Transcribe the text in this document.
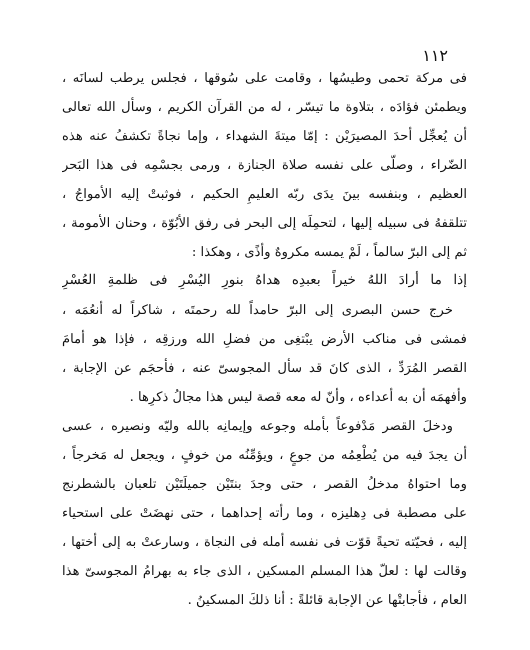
١١٢
فى مركة تحمى وطيسُها ، وقامت على سُوقها ، فجلس يرطب لسانَه ،
ويطمئن فؤادَه ، بتلاوة ما تيسّر ، له من القرآن الكريم ، وسأل الله تعالى
أن يُعجِّل أحدَ المصيرَيْن : إمّا ميتةَ الشهداء ، وإما نجاةً تكشفُ عنه هذه
الضّراء ، وصلّى على نفسه صلاة الجنازة ، ورمى بجسْمِه فى هذا البَحر
العظيم ، وبنفسه بينَ يدَى ربّه العليمِ الحكيم ، فوثبتْ إليه الأمواجُ ،
تتلقفهُ فى سبيله إليها ، لتحمِلَه إلى البحر فى رفق الأبُوّة ، وحنان الأمومة ،
ثم إلى البرّ سالماً ، لَمْ يمسه مكروهٌ وأذًى ، وهكذا :
إذا ما أرادَ اللهُ خيراً بعبدِه هداهُ بنورِ اليُسْرِ فى ظلمةِ العُسْرِ
خرج حسن البصرى إلى البرّ حامداً لله رحمتَه ، شاكراً له أنعُمَه ،
فمشى فى مناكب الأرض يبْتغِى من فضلِ الله ورزقِه ، فإذا هو أمامَ
القصر المُرَدِّ ، الذى كانَ قد سأل المجوسىّ عنه ، فأحجَم عن الإجابة ،
وأفهمَه أن به أعداءه ، وأنّ له معه قصة ليس هذا مجالُ ذكرِها .
ودخلَ القصر مَدْفوعاً بأمله وجوعه وإيمانِه بالله وليّه ونصيره ، عسى
أن يجدَ فيه من يُطْعِمُه من جوعٍ ، ويؤمِّنُه من خوفٍ ، ويجعل له مَخرجاً ،
وما احتواهُ مدخلُ القصر ، حتى وجدَ بنتَيْن جميلَتَيْن تلعبان بالشطرنج
على مصطبة فى دِهليزه ، وما رأته إحداهما ، حتى نهضَتْ على استحياء
إليه ، فحيّته تحيةً قوّت فى نفسه أمله فى النجاة ، وسارعتْ به إلى أختها ،
وقالت لها : لعلّ هذا المسلم المسكين ، الذى جاء به بهرامُ المجوسىّ هذا
العام ، فأجابتْها عن الإجابة قائلةً : أنا ذلكَ المسكينُ .
